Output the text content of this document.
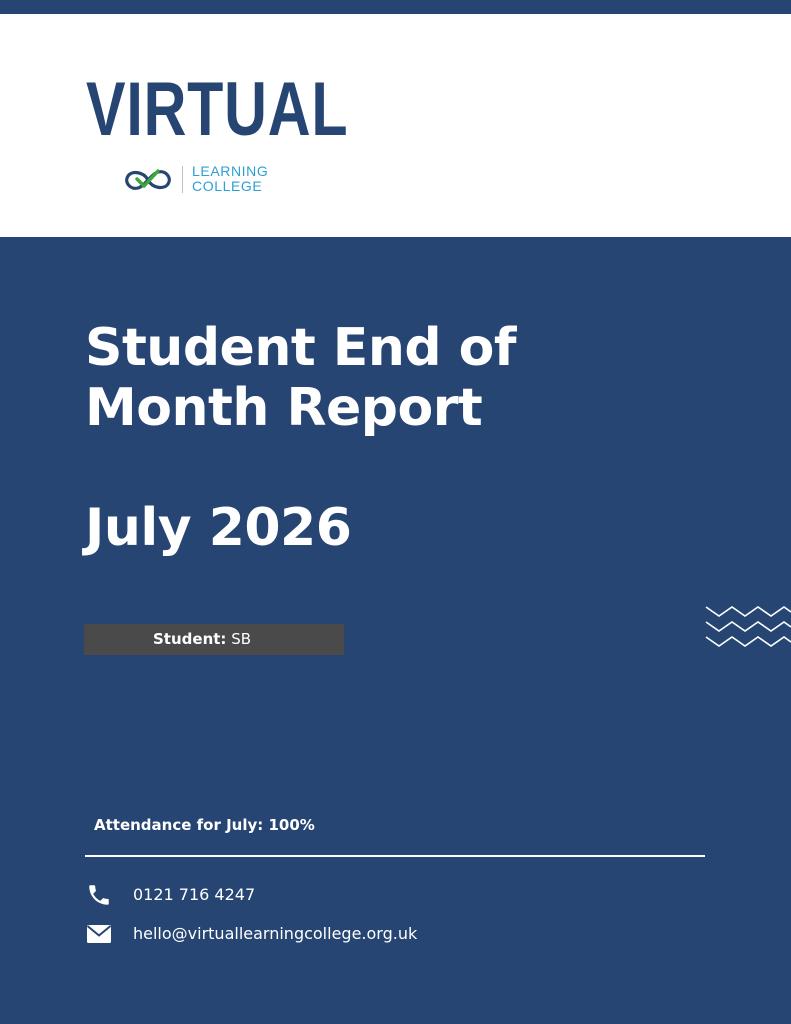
VIRTUAL
LEARNING
COLLEGE
Student End of
Month Report
July 2026
Student: SB
Attendance for July: 100%
0121 716 4247
hello@virtuallearningcollege.org.uk
